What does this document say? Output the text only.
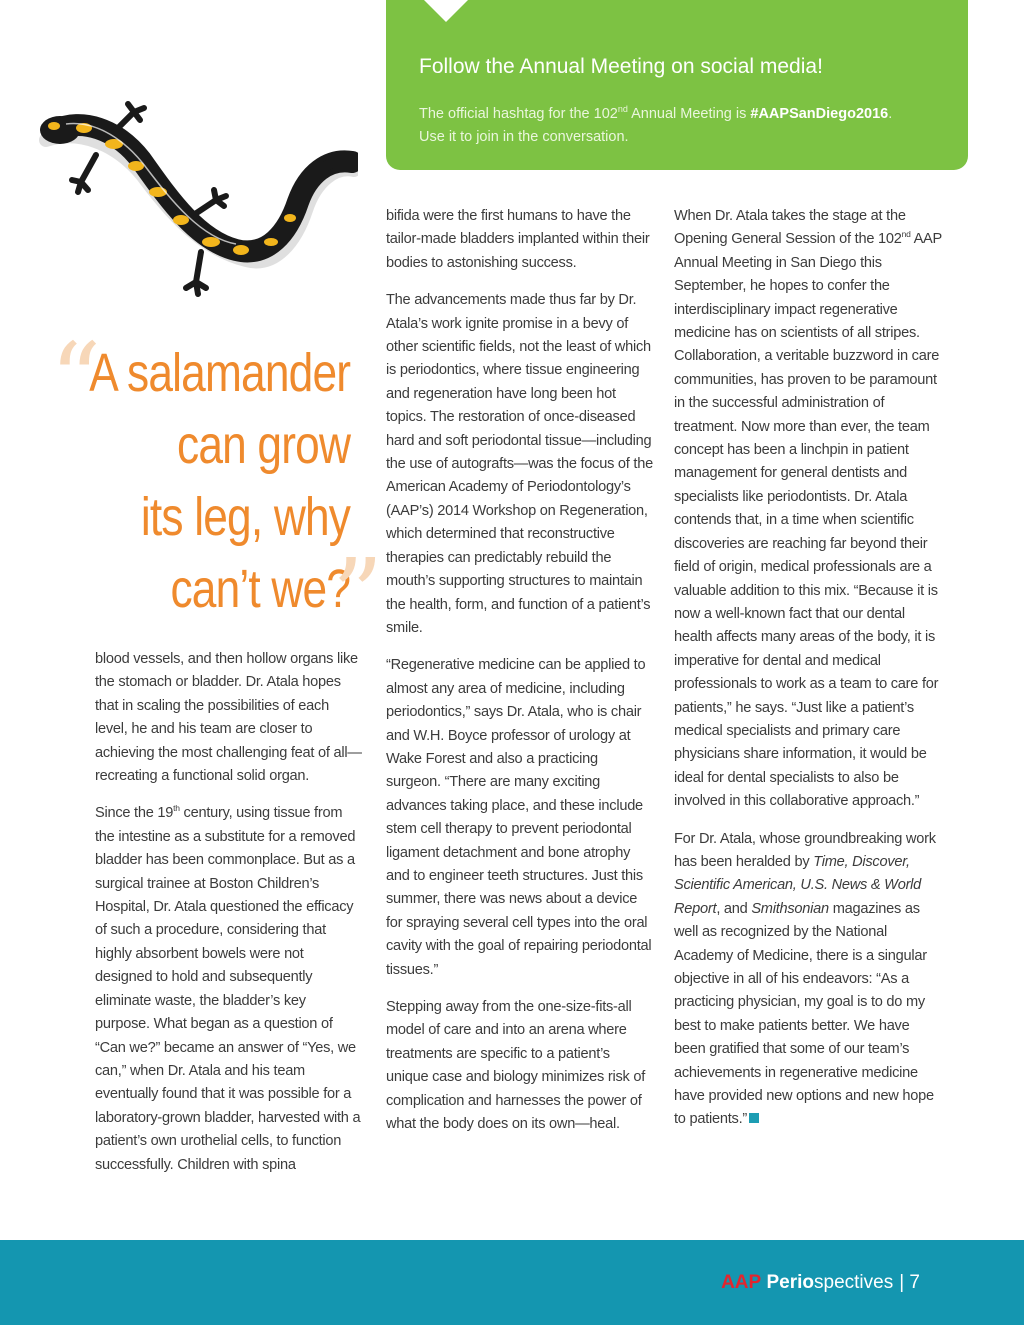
Follow the Annual Meeting on social media!

The official hashtag for the 102nd Annual Meeting is #AAPSanDiego2016.
Use it to join in the conversation.

“

A salamander

can grow

its leg, why

can’t we?

”

blood vessels, and then hollow organs like the stomach or bladder. Dr. Atala hopes that in scaling the possibilities of each level, he and his team are closer to achieving the most challenging feat of all—recreating a functional solid organ.

Since the 19th century, using tissue from the intestine as a substitute for a removed bladder has been commonplace. But as a surgical trainee at Boston Children’s Hospital, Dr. Atala questioned the efficacy of such a procedure, considering that highly absorbent bowels were not designed to hold and subsequently eliminate waste, the bladder’s key purpose. What began as a question of “Can we?” became an answer of “Yes, we can,” when Dr. Atala and his team eventually found that it was possible for a laboratory-grown bladder, harvested with a patient’s own urothelial cells, to function successfully. Children with spina

bifida were the first humans to have the tailor-made bladders implanted within their bodies to astonishing success.

The advancements made thus far by Dr. Atala’s work ignite promise in a bevy of other scientific fields, not the least of which is periodontics, where tissue engineering and regeneration have long been hot topics. The restoration of once-diseased hard and soft periodontal tissue—including the use of autografts—was the focus of the American Academy of Periodontology’s (AAP’s) 2014 Workshop on Regeneration, which determined that reconstructive therapies can predictably rebuild the mouth’s supporting structures to maintain the health, form, and function of a patient’s smile.

“Regenerative medicine can be applied to almost any area of medicine, including periodontics,” says Dr. Atala, who is chair and W.H. Boyce professor of urology at Wake Forest and also a practicing surgeon. “There are many exciting advances taking place, and these include stem cell therapy to prevent periodontal ligament detachment and bone atrophy and to engineer teeth structures. Just this summer, there was news about a device for spraying several cell types into the oral cavity with the goal of repairing periodontal tissues.”

Stepping away from the one-size-fits-all model of care and into an arena where treatments are specific to a patient’s unique case and biology minimizes risk of complication and harnesses the power of what the body does on its own—heal.

When Dr. Atala takes the stage at the Opening General Session of the 102nd AAP Annual Meeting in San Diego this September, he hopes to confer the interdisciplinary impact regenerative medicine has on scientists of all stripes. Collaboration, a veritable buzzword in care communities, has proven to be paramount in the successful administration of treatment. Now more than ever, the team concept has been a linchpin in patient management for general dentists and specialists like periodontists. Dr. Atala contends that, in a time when scientific discoveries are reaching far beyond their field of origin, medical professionals are a valuable addition to this mix. “Because it is now a well-known fact that our dental health affects many areas of the body, it is imperative for dental and medical professionals to work as a team to care for patients,” he says. “Just like a patient’s medical specialists and primary care physicians share information, it would be ideal for dental specialists to also be involved in this collaborative approach.”

For Dr. Atala, whose groundbreaking work has been heralded by Time, Discover, Scientific American, U.S. News & World Report, and Smithsonian magazines as well as recognized by the National Academy of Medicine, there is a singular objective in all of his endeavors: “As a practicing physician, my goal is to do my best to make patients better. We have been gratified that some of our team’s achievements in regenerative medicine have provided new options and new hope to patients.”

AAP Periospectives | 7
